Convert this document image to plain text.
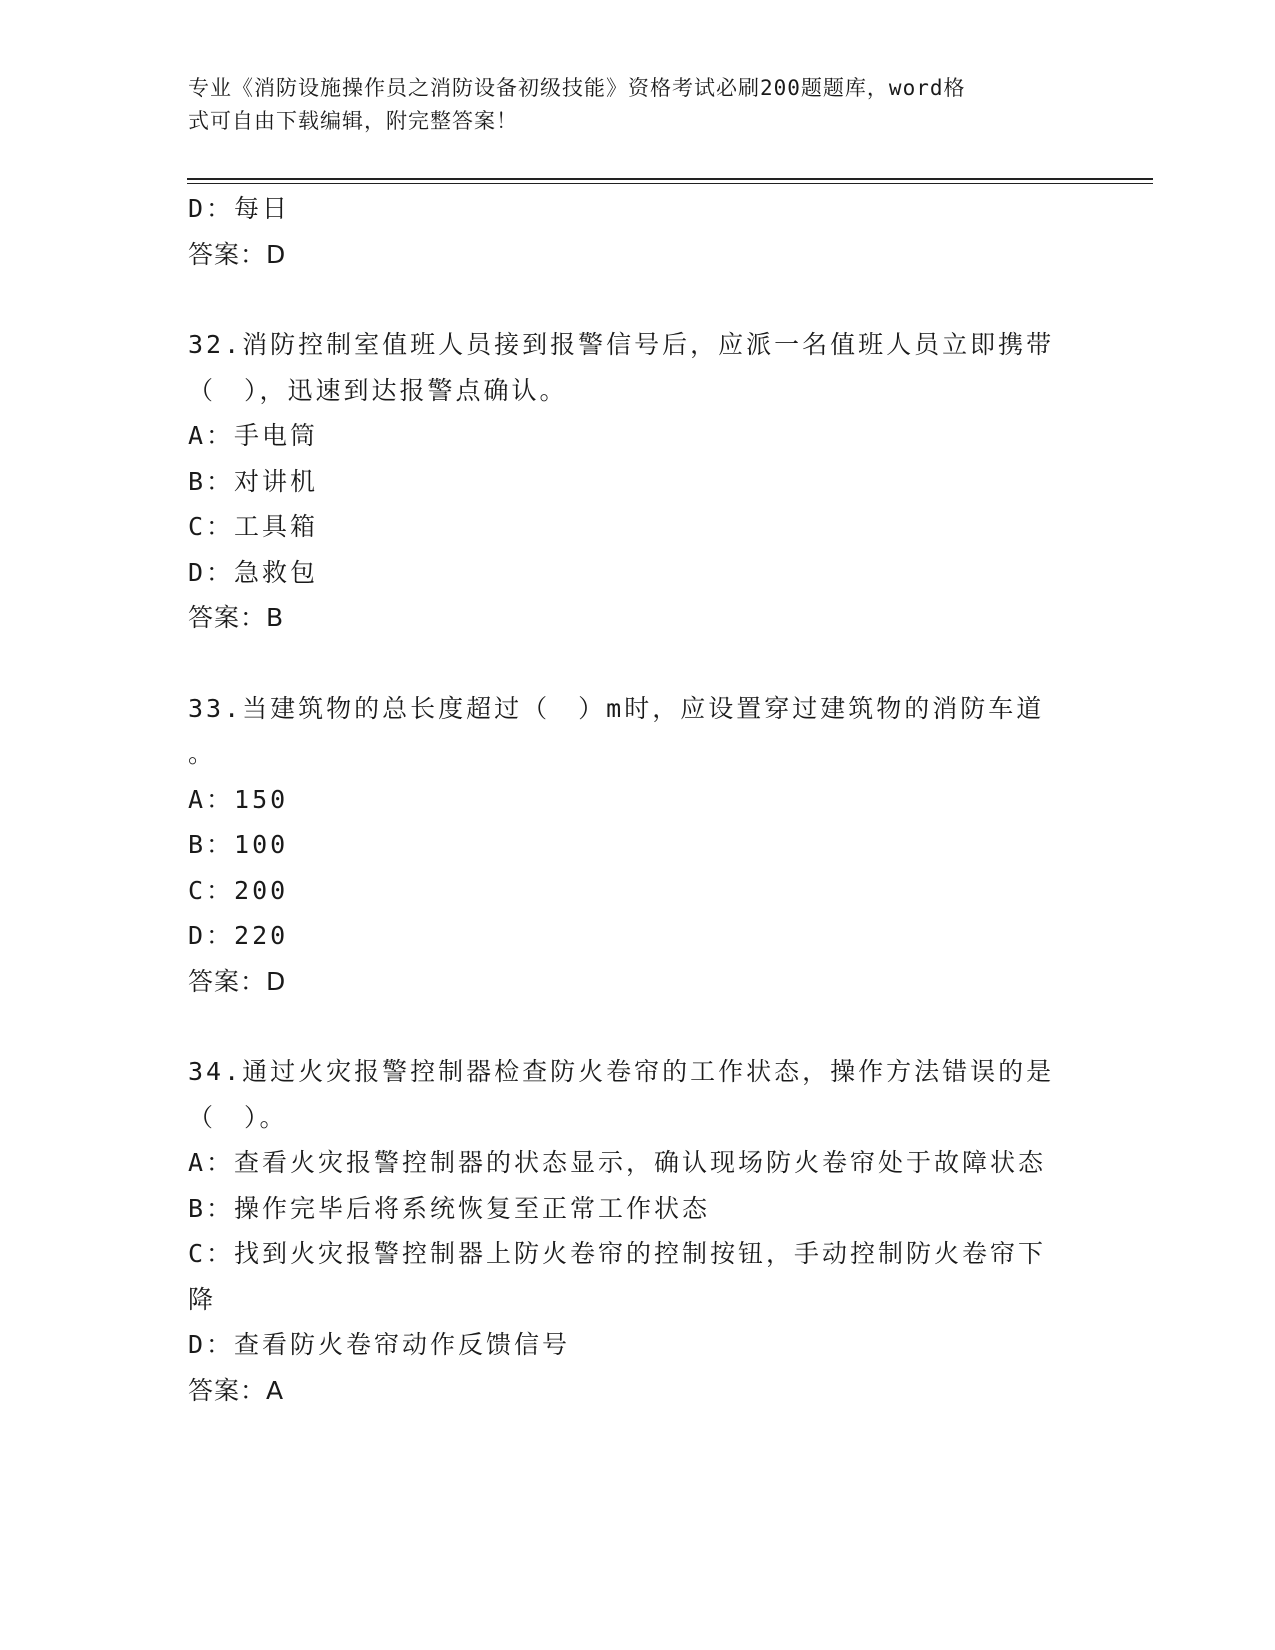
专业《消防设施操作员之消防设备初级技能》资格考试必刷200题题库，word格
式可自由下载编辑，附完整答案！
D：每日
答案：D
32.消防控制室值班人员接到报警信号后，应派一名值班人员立即携带
（　），迅速到达报警点确认。
A：手电筒
B：对讲机
C：工具箱
D：急救包
答案：B
33.当建筑物的总长度超过（　）m时，应设置穿过建筑物的消防车道
。
A：150
B：100
C：200
D：220
答案：D
34.通过火灾报警控制器检查防火卷帘的工作状态，操作方法错误的是
（　）。
A：查看火灾报警控制器的状态显示，确认现场防火卷帘处于故障状态
B：操作完毕后将系统恢复至正常工作状态
C：找到火灾报警控制器上防火卷帘的控制按钮，手动控制防火卷帘下
降
D：查看防火卷帘动作反馈信号
答案：A
